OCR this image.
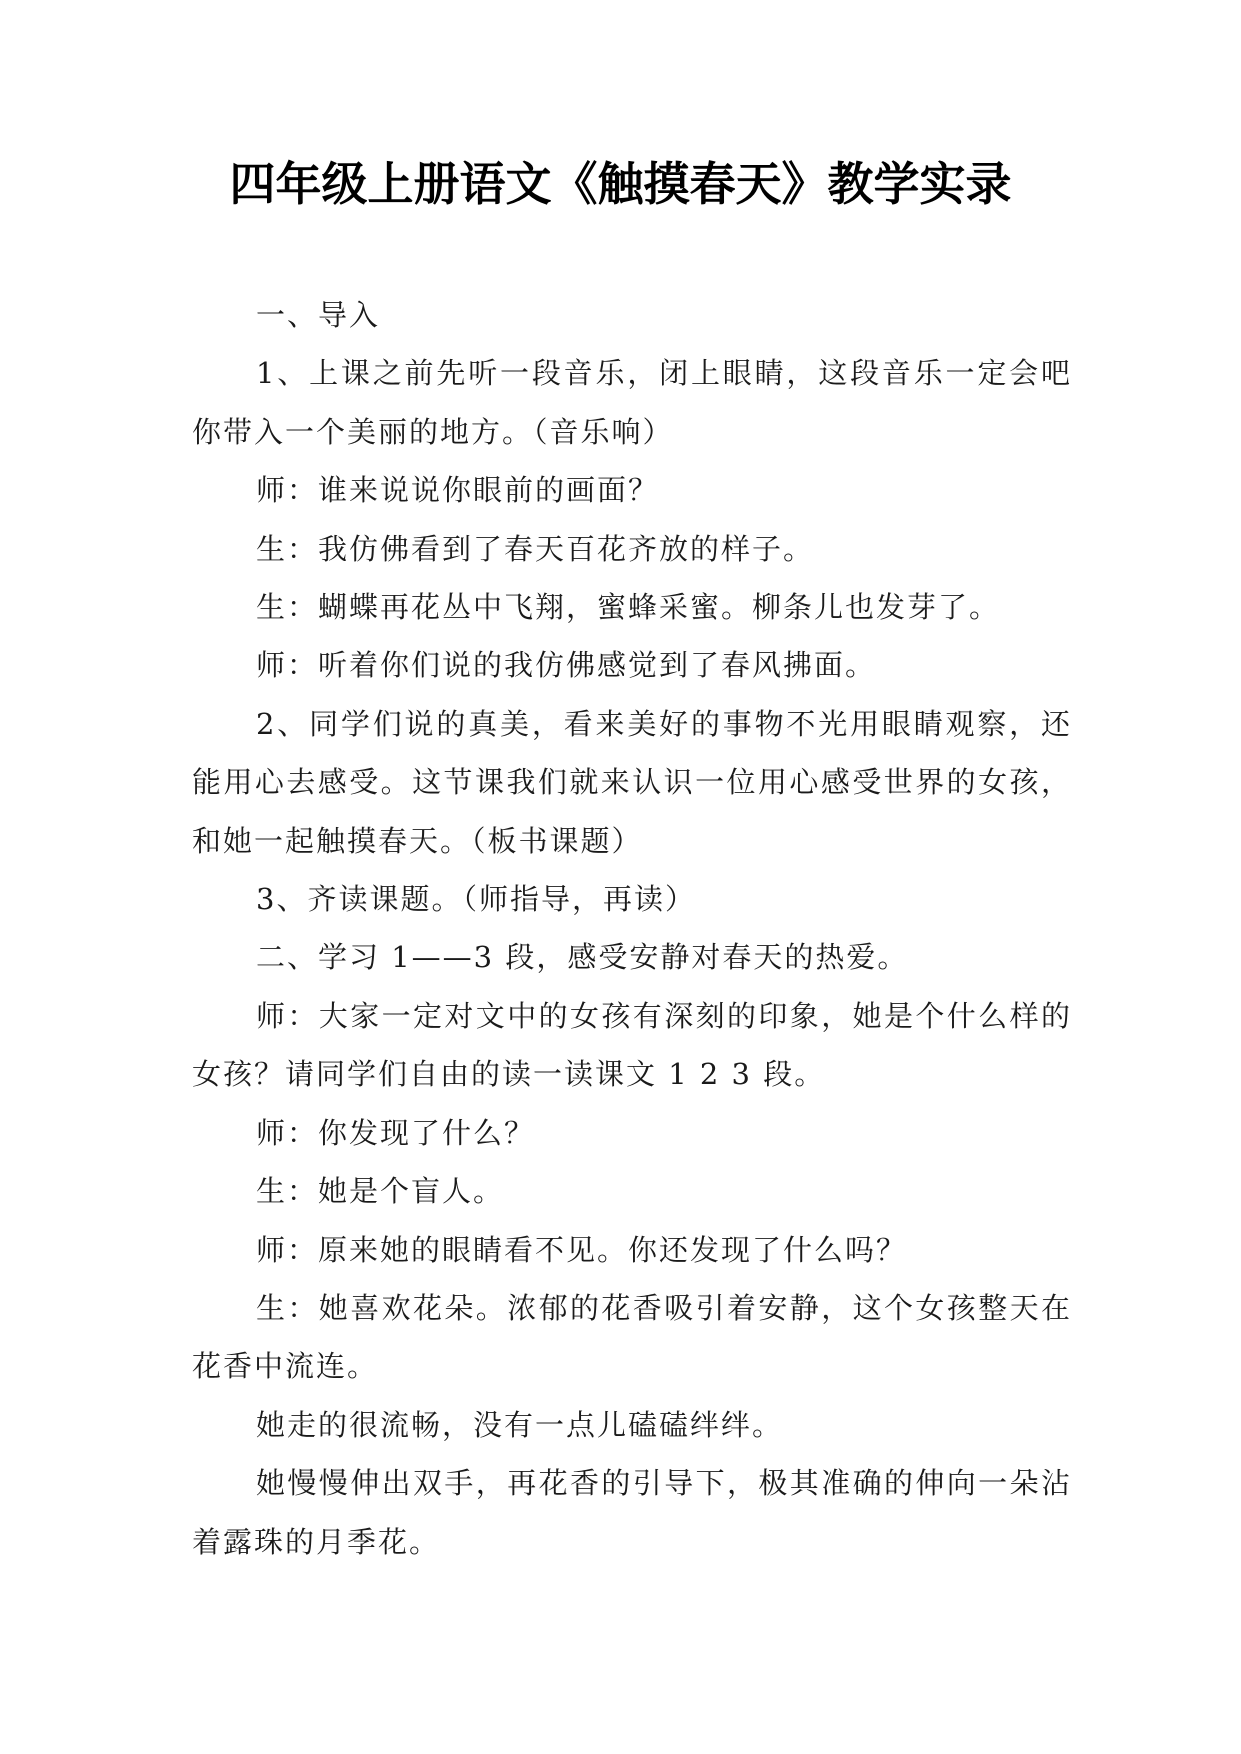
四年级上册语文《触摸春天》教学实录

一、导入

1、上课之前先听一段音乐，闭上眼睛，这段音乐一定会吧你带入一个美丽的地方。（音乐响）

师：谁来说说你眼前的画面？

生：我仿佛看到了春天百花齐放的样子。

生：蝴蝶再花丛中飞翔，蜜蜂采蜜。柳条儿也发芽了。

师：听着你们说的我仿佛感觉到了春风拂面。

2、同学们说的真美，看来美好的事物不光用眼睛观察，还能用心去感受。这节课我们就来认识一位用心感受世界的女孩，和她一起触摸春天。（板书课题）

3、齐读课题。（师指导，再读）

二、学习 1——3 段，感受安静对春天的热爱。

师：大家一定对文中的女孩有深刻的印象，她是个什么样的女孩？请同学们自由的读一读课文 1 2 3 段。

师：你发现了什么？

生：她是个盲人。

师：原来她的眼睛看不见。你还发现了什么吗？

生：她喜欢花朵。浓郁的花香吸引着安静，这个女孩整天在花香中流连。

她走的很流畅，没有一点儿磕磕绊绊。

她慢慢伸出双手，再花香的引导下，极其准确的伸向一朵沾着露珠的月季花。
